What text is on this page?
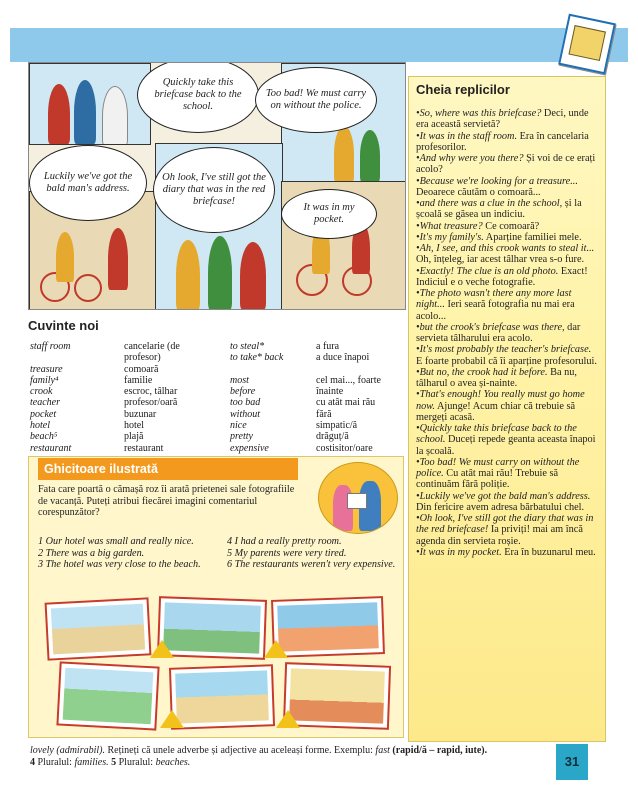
Quickly take this briefcase back to the school.
Too bad! We must carry on without the police.
Luckily we've got the bald man's address.
Oh look, I've still got the diary that was in the red briefcase!
It was in my pocket.
Cuvinte noi
staff room

treasure
family⁴
crook
teacher
pocket
hotel
beach⁵
restaurant
cancelarie (de
profesor)
comoară
familie
escroc, tâlhar
profesor/oară
buzunar
hotel
plajă
restaurant
to steal*
to take* back

most
before
too bad
without
nice
pretty
expensive
a fura
a duce înapoi

cel mai..., foarte
înainte
cu atât mai rău
fără
simpatic/ă
drăguț/ă
costisitor/oare
Ghicitoare ilustrată
Fata care poartă o cămașă roz îi arată prietenei sale fotografiile de vacanță. Puteți atribui fiecărei imagini comentariul corespunzător?
1 Our hotel was small and really nice.
2 There was a big garden.
3 The hotel was very close to the beach.
4 I had a really pretty room.
5 My parents were very tired.
6 The restaurants weren't very expensive.
Cheia replicilor

•So, where was this briefcase? Deci, unde era această servietă?

•It was in the staff room. Era în cancelaria profesorilor.

•And why were you there? Și voi de ce erați acolo?

•Because we're looking for a treasure... Deoarece căutăm o comoară...

•and there was a clue in the school, și la școală se găsea un indiciu.

•What treasure? Ce comoară?

•It's my family's. Aparține familiei mele.

•Ah, I see, and this crook wants to steal it... Oh, înțeleg, iar acest tâlhar vrea s-o fure.

•Exactly! The clue is an old photo. Exact! Indiciul e o veche fotografie.

•The photo wasn't there any more last night... Ieri seară fotografia nu mai era acolo...

•but the crook's briefcase was there, dar servieta tâlharului era acolo.

•It's most probably the teacher's briefcase. E foarte probabil că îi aparține profesorului.

•But no, the crook had it before. Ba nu, tâlharul o avea și-nainte.

•That's enough! You really must go home now. Ajunge! Acum chiar că trebuie să mergeți acasă.

•Quickly take this briefcase back to the school. Duceți repede geanta aceasta înapoi la școală.

•Too bad! We must carry on without the police. Cu atât mai rău! Trebuie să continuăm fără poliție.

•Luckily we've got the bald man's address. Din fericire avem adresa bărbatului chel.

•Oh look, I've still got the diary that was in the red briefcase! Ia priviți! mai am încă agenda din servieta roșie.

•It was in my pocket. Era în buzunarul meu.

lovely (admirabil). Rețineți că unele adverbe și adjective au aceleași forme. Exemplu: fast (rapid/ă – rapid, iute).
4 Pluralul: families. 5 Pluralul: beaches.	31
